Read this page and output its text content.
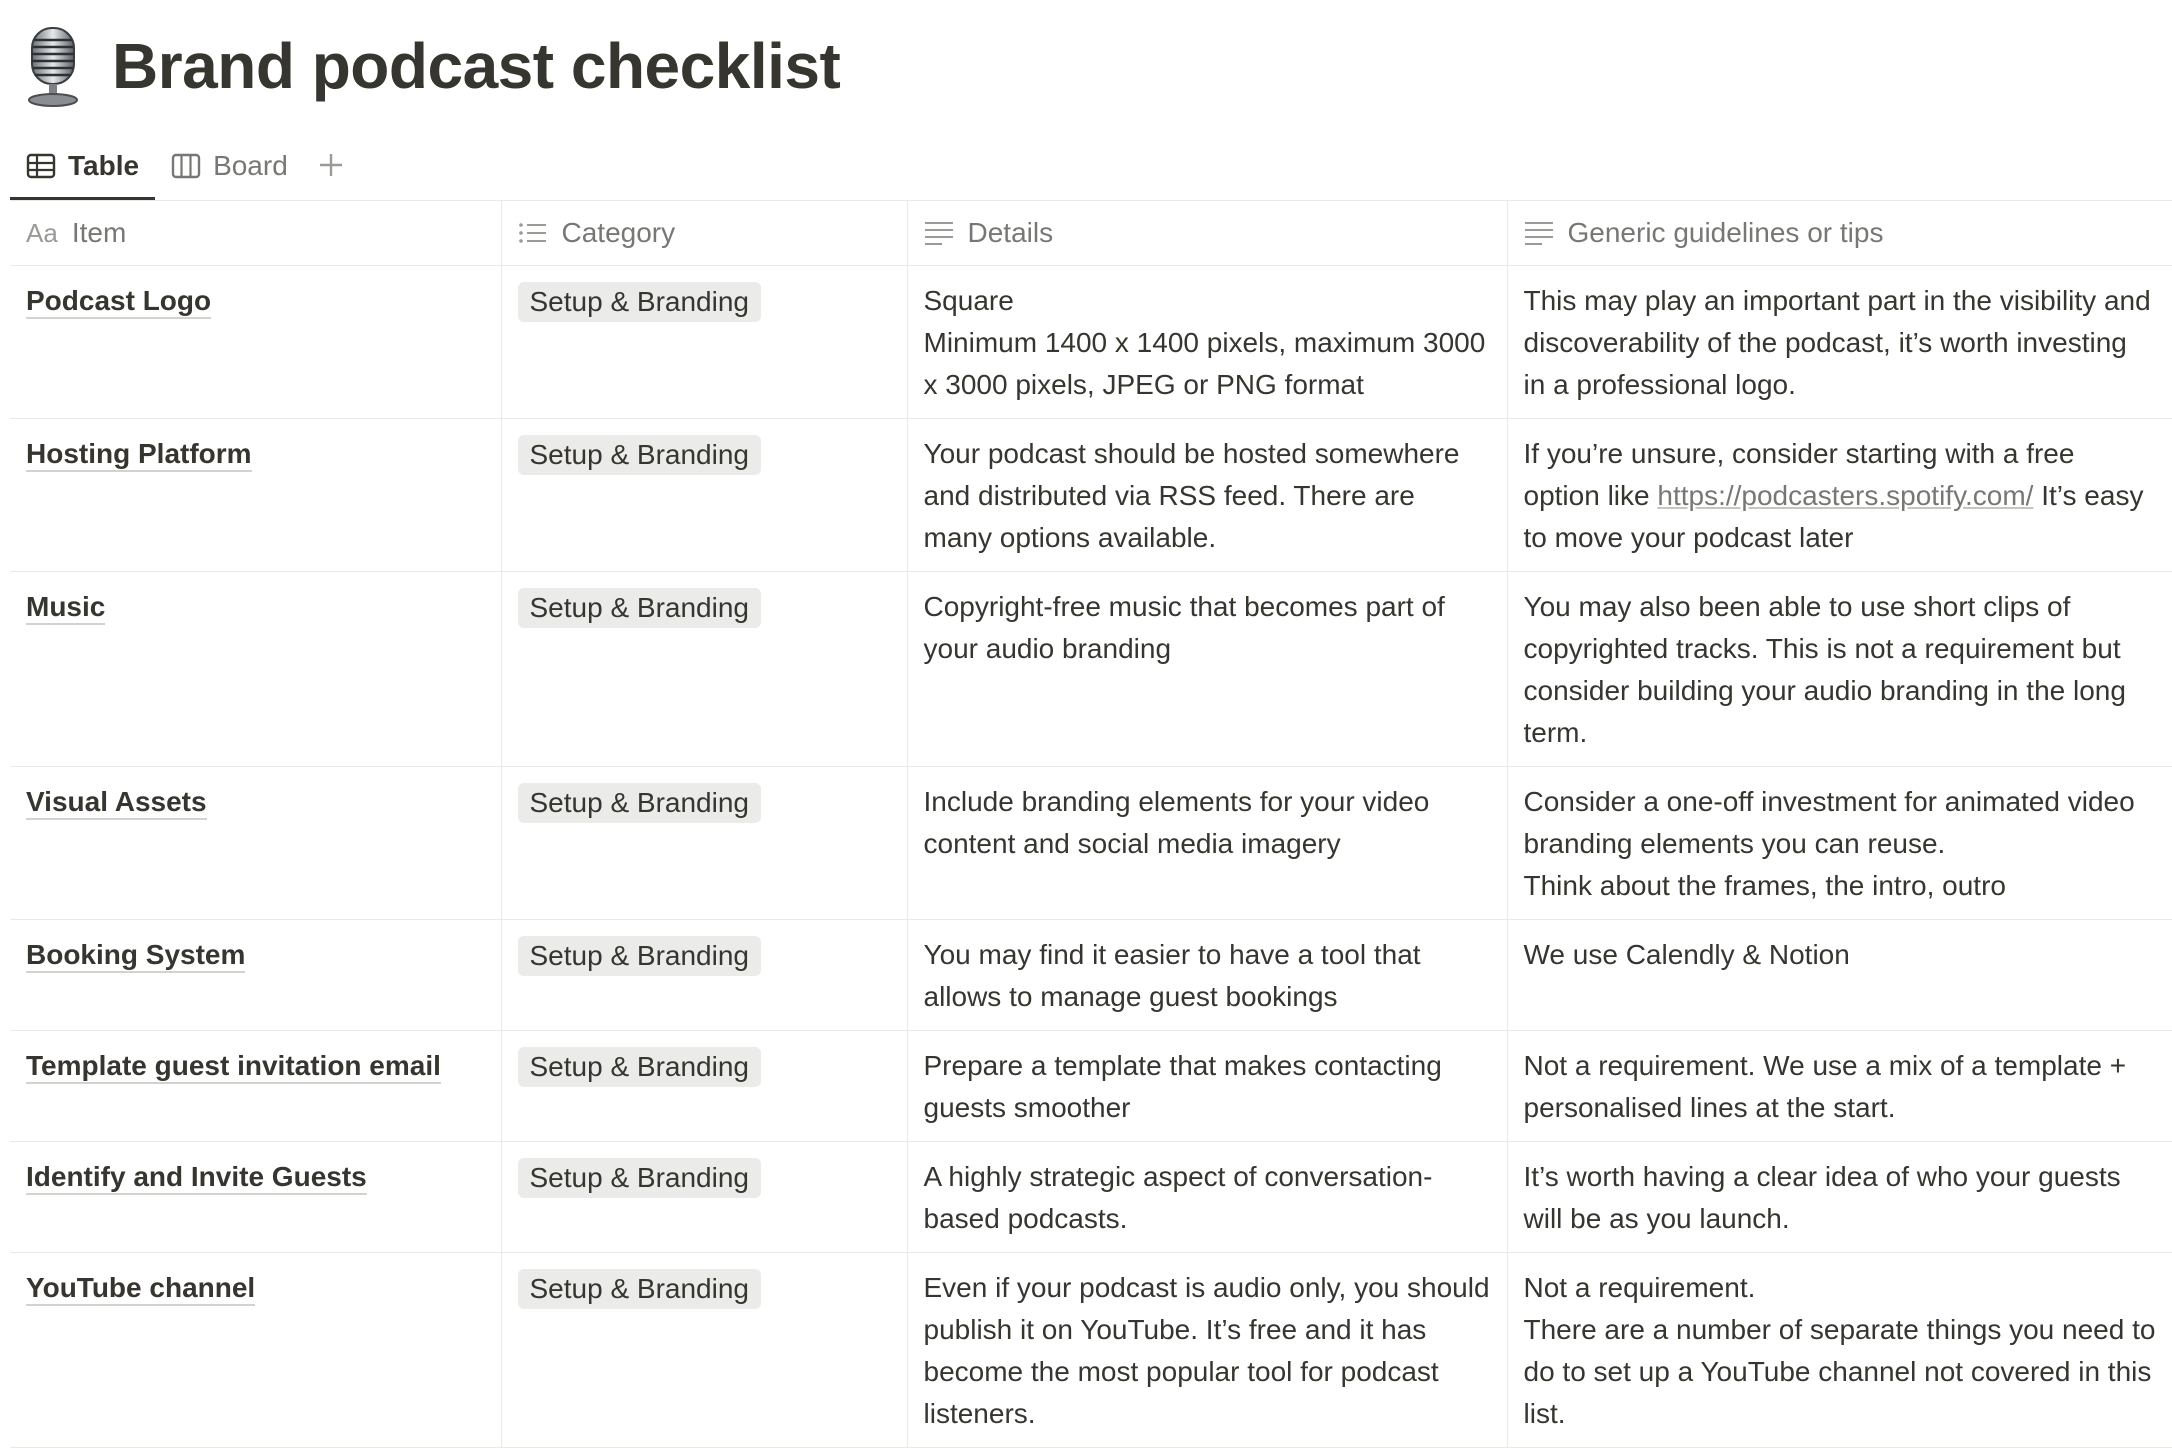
Brand podcast checklist
Table	Board
Aa Item	Category	Details	Generic guidelines or tips

Podcast Logo	Setup & Branding	Square
Minimum 1400 x 1400 pixels, maximum 3000 x 3000 pixels, JPEG or PNG format	This may play an important part in the visibility and discoverability of the podcast, it’s worth investing in a professional logo.
Hosting Platform	Setup & Branding	Your podcast should be hosted somewhere and distributed via RSS feed. There are many options available.	If you’re unsure, consider starting with a free option like https://podcasters.spotify.com/ It’s easy to move your podcast later
Music	Setup & Branding	Copyright-free music that becomes part of your audio branding	You may also been able to use short clips of copyrighted tracks. This is not a requirement but consider building your audio branding in the long term.
Visual Assets	Setup & Branding	Include branding elements for your video content and social media imagery	Consider a one-off investment for animated video branding elements you can reuse.
Think about the frames, the intro, outro
Booking System	Setup & Branding	You may find it easier to have a tool that allows to manage guest bookings	We use Calendly & Notion
Template guest invitation email	Setup & Branding	Prepare a template that makes contacting guests smoother	Not a requirement. We use a mix of a template + personalised lines at the start.
Identify and Invite Guests	Setup & Branding	A highly strategic aspect of conversation-based podcasts.	It’s worth having a clear idea of who your guests will be as you launch.
YouTube channel	Setup & Branding	Even if your podcast is audio only, you should publish it on YouTube. It’s free and it has become the most popular tool for podcast listeners.	Not a requirement.
There are a number of separate things you need to do to set up a YouTube channel not covered in this list.
